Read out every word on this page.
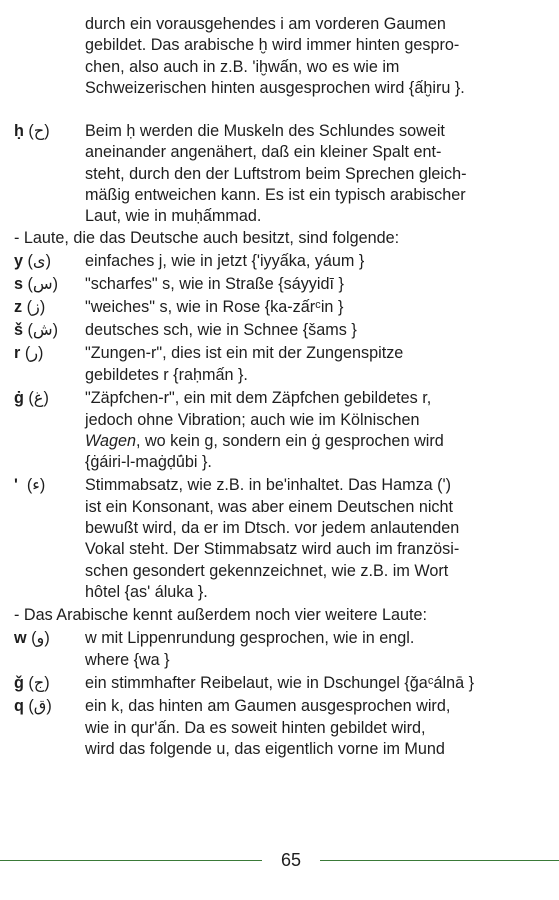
durch ein vorausgehendes i am vorderen Gaumen
gebildet. Das arabische ḫ wird immer hinten gespro-
chen, also auch in z.B. 'iḫwấn, wo es wie im
Schweizerischen hinten ausgesprochen wird {ấḫiru }.
ḥ (ح)	Beim ḥ werden die Muskeln des Schlundes soweit
aneinander angenähert, daß ein kleiner Spalt ent-
steht, durch den der Luftstrom beim Sprechen gleich-
mäßig entweichen kann. Es ist ein typisch arabischer
Laut, wie in muḥấmmad.
- Laute, die das Deutsche auch besitzt, sind folgende:
y (ى)	einfaches j, wie in jetzt {'iyyấka, yáum }
s (س)	"scharfes" s, wie in Straße {sáyyidī }
z (ز)	"weiches" s, wie in Rose {ka-zấrᶜin }
š (ش)	deutsches sch, wie in Schnee {šams }
r (ر)	"Zungen-r", dies ist ein mit der Zungenspitze
gebildetes r {raḥmấn }.
ġ (غ)	"Zäpfchen-r", ein mit dem Zäpfchen gebildetes r,
jedoch ohne Vibration; auch wie im Kölnischen
Wagen, wo kein g, sondern ein ġ gesprochen wird
{ġáiri-l-maġḍū́bi }.
' (ء)	Stimmabsatz, wie z.B. in be'inhaltet. Das Hamza (')
ist ein Konsonant, was aber einem Deutschen nicht
bewußt wird, da er im Dtsch. vor jedem anlautenden
Vokal steht. Der Stimmabsatz wird auch im französi-
schen gesondert gekennzeichnet, wie z.B. im Wort
hôtel {as' áluka }.
- Das Arabische kennt außerdem noch vier weitere Laute:
w (و)	w mit Lippenrundung gesprochen, wie in engl.
where {wa }
ǧ (ج)	ein stimmhafter Reibelaut, wie in Dschungel {ǧaᶜálnā }
q (ق)	ein k, das hinten am Gaumen ausgesprochen wird,
wie in qur'ấn. Da es soweit hinten gebildet wird,
wird das folgende u, das eigentlich vorne im Mund
65
